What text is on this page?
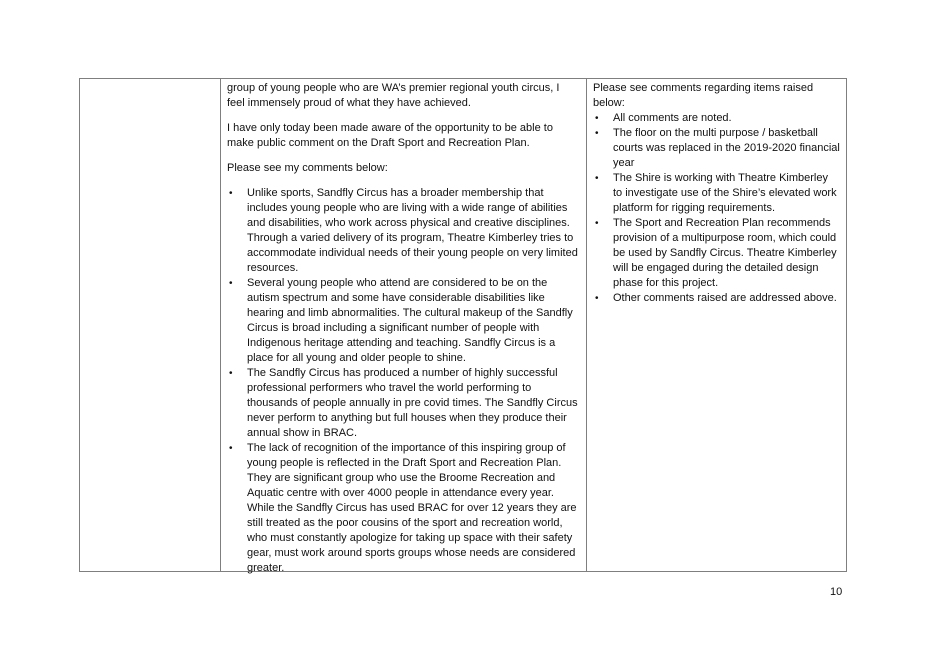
group of young people who are WA’s premier regional youth circus, I feel immensely proud of what they have achieved.

I have only today been made aware of the opportunity to be able to make public comment on the Draft Sport and Recreation Plan.

Please see my comments below:

• Unlike sports, Sandfly Circus has a broader membership that includes young people who are living with a wide range of abilities and disabilities, who work across physical and creative disciplines. Through a varied delivery of its program, Theatre Kimberley tries to accommodate individual needs of their young people on very limited resources.
• Several young people who attend are considered to be on the autism spectrum and some have considerable disabilities like hearing and limb abnormalities. The cultural makeup of the Sandfly Circus is broad including a significant number of people with Indigenous heritage attending and teaching. Sandfly Circus is a place for all young and older people to shine.
• The Sandfly Circus has produced a number of highly successful professional performers who travel the world performing to thousands of people annually in pre covid times. The Sandfly Circus never perform to anything but full houses when they produce their annual show in BRAC.
• The lack of recognition of the importance of this inspiring group of young people is reflected in the Draft Sport and Recreation Plan. They are significant group who use the Broome Recreation and Aquatic centre with over 4000 people in attendance every year. While the Sandfly Circus has used BRAC for over 12 years they are still treated as the poor cousins of the sport and recreation world, who must constantly apologize for taking up space with their safety gear, must work around sports groups whose needs are considered greater.

Please see comments regarding items raised below:

• All comments are noted.
• The floor on the multi purpose / basketball courts was replaced in the 2019-2020 financial year
• The Shire is working with Theatre Kimberley to investigate use of the Shire’s elevated work platform for rigging requirements.
• The Sport and Recreation Plan recommends provision of a multipurpose room, which could be used by Sandfly Circus. Theatre Kimberley will be engaged during the detailed design phase for this project.
• Other comments raised are addressed above.
10
